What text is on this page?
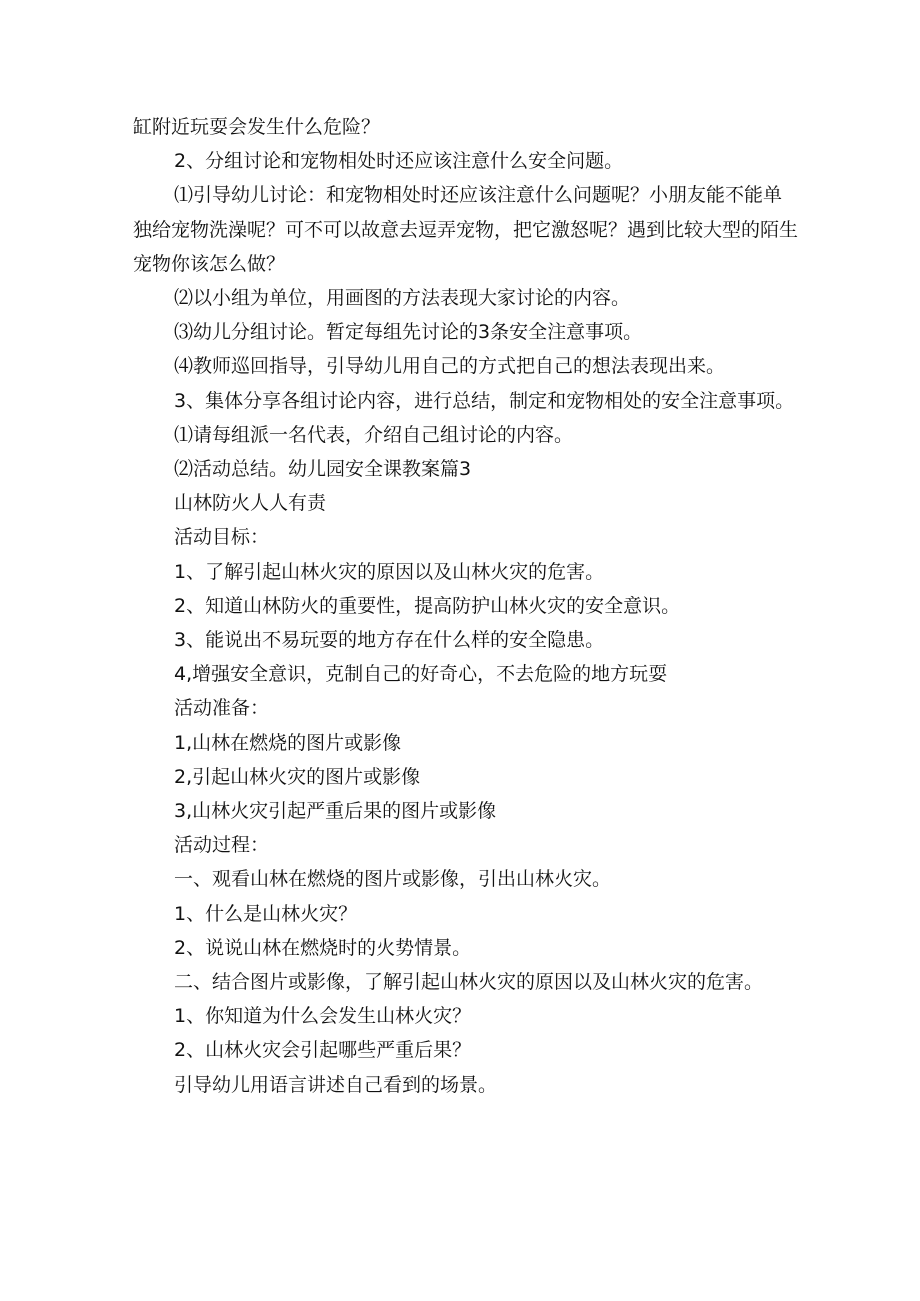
缸附近玩耍会发生什么危险？

2、分组讨论和宠物相处时还应该注意什么安全问题。

⑴引导幼儿讨论：和宠物相处时还应该注意什么问题呢？小朋友能不能单独给宠物洗澡呢？可不可以故意去逗弄宠物，把它激怒呢？遇到比较大型的陌生宠物你该怎么做？

⑵以小组为单位，用画图的方法表现大家讨论的内容。

⑶幼儿分组讨论。暂定每组先讨论的3条安全注意事项。

⑷教师巡回指导，引导幼儿用自己的方式把自己的想法表现出来。

3、集体分享各组讨论内容，进行总结，制定和宠物相处的安全注意事项。

⑴请每组派一名代表，介绍自己组讨论的内容。

⑵活动总结。幼儿园安全课教案篇3

山林防火人人有责

活动目标：

1、了解引起山林火灾的原因以及山林火灾的危害。

2、知道山林防火的重要性，提高防护山林火灾的安全意识。

3、能说出不易玩耍的地方存在什么样的安全隐患。

4,增强安全意识，克制自己的好奇心，不去危险的地方玩耍

活动准备：

1,山林在燃烧的图片或影像

2,引起山林火灾的图片或影像

3,山林火灾引起严重后果的图片或影像

活动过程：

一、观看山林在燃烧的图片或影像，引出山林火灾。

1、什么是山林火灾？

2、说说山林在燃烧时的火势情景。

二、结合图片或影像，了解引起山林火灾的原因以及山林火灾的危害。

1、你知道为什么会发生山林火灾？

2、山林火灾会引起哪些严重后果？

引导幼儿用语言讲述自己看到的场景。
